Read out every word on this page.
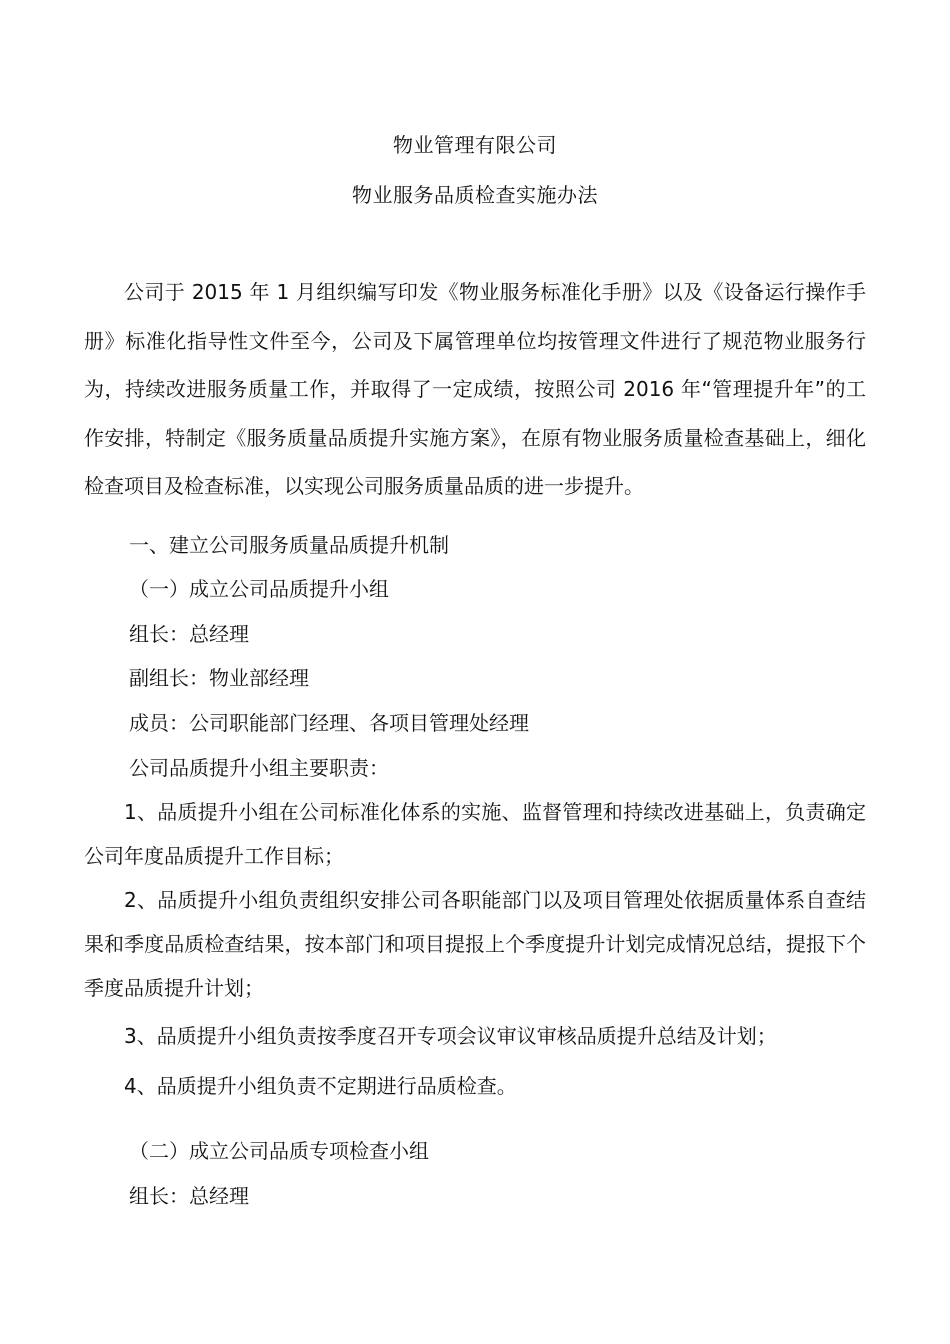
物业管理有限公司
物业服务品质检查实施办法
公司于 2015 年 1 月组织编写印发《物业服务标准化手册》以及《设备运行操作手册》标准化指导性文件至今，公司及下属管理单位均按管理文件进行了规范物业服务行为，持续改进服务质量工作，并取得了一定成绩，按照公司 2016 年“管理提升年”的工作安排，特制定《服务质量品质提升实施方案》，在原有物业服务质量检查基础上，细化检查项目及检查标准，以实现公司服务质量品质的进一步提升。
一、建立公司服务质量品质提升机制
（一）成立公司品质提升小组
组长：总经理
副组长：物业部经理
成员：公司职能部门经理、各项目管理处经理
公司品质提升小组主要职责：
1、品质提升小组在公司标准化体系的实施、监督管理和持续改进基础上，负责确定公司年度品质提升工作目标；
2、品质提升小组负责组织安排公司各职能部门以及项目管理处依据质量体系自查结果和季度品质检查结果，按本部门和项目提报上个季度提升计划完成情况总结，提报下个季度品质提升计划；
3、品质提升小组负责按季度召开专项会议审议审核品质提升总结及计划；
4、品质提升小组负责不定期进行品质检查。
（二）成立公司品质专项检查小组
组长：总经理
